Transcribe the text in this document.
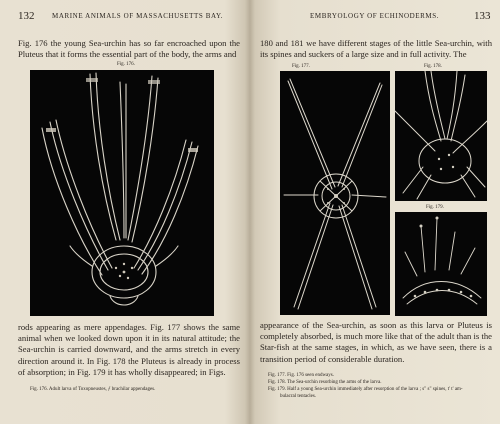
132	MARINE ANIMALS OF MASSACHUSETTS BAY.
Fig. 176 the young Sea-urchin has so far encroached upon the Pluteus that it forms the essential part of the body, the arms and
Fig. 176.
rods appearing as mere appendages. Fig. 177 shows the same animal when we looked down upon it in its natural attitude; the Sea-urchin is carried downward, and the arms stretch in every direction around it. In Fig. 178 the Pluteus is already in process of absorption; in Fig. 179 it has wholly disappeared; in Figs.
Fig. 176. Adult larva of Toxopneustes, ƒ brachilar appendages.
EMBRYOLOGY OF ECHINODERMS.	133
180 and 181 we have different stages of the little Sea-urchin, with its spines and suckers of a large size and in full activity. The
Fig. 177.	Fig. 178.
Fig. 179.
appearance of the Sea-urchin, as soon as this larva or Pluteus is completely absorbed, is much more like that of the adult than is the Star-fish at the same stages, in which, as we have seen, there is a transition period of considerable duration.
Fig. 177. Fig. 176 seen endways.
Fig. 178. The Sea-urchin resorbing the arms of the larva.
Fig. 179. Half a young Sea-urchin immediately after resorption of the larva ; s" s" spines, t' t' am-
bulacral tentacles.
